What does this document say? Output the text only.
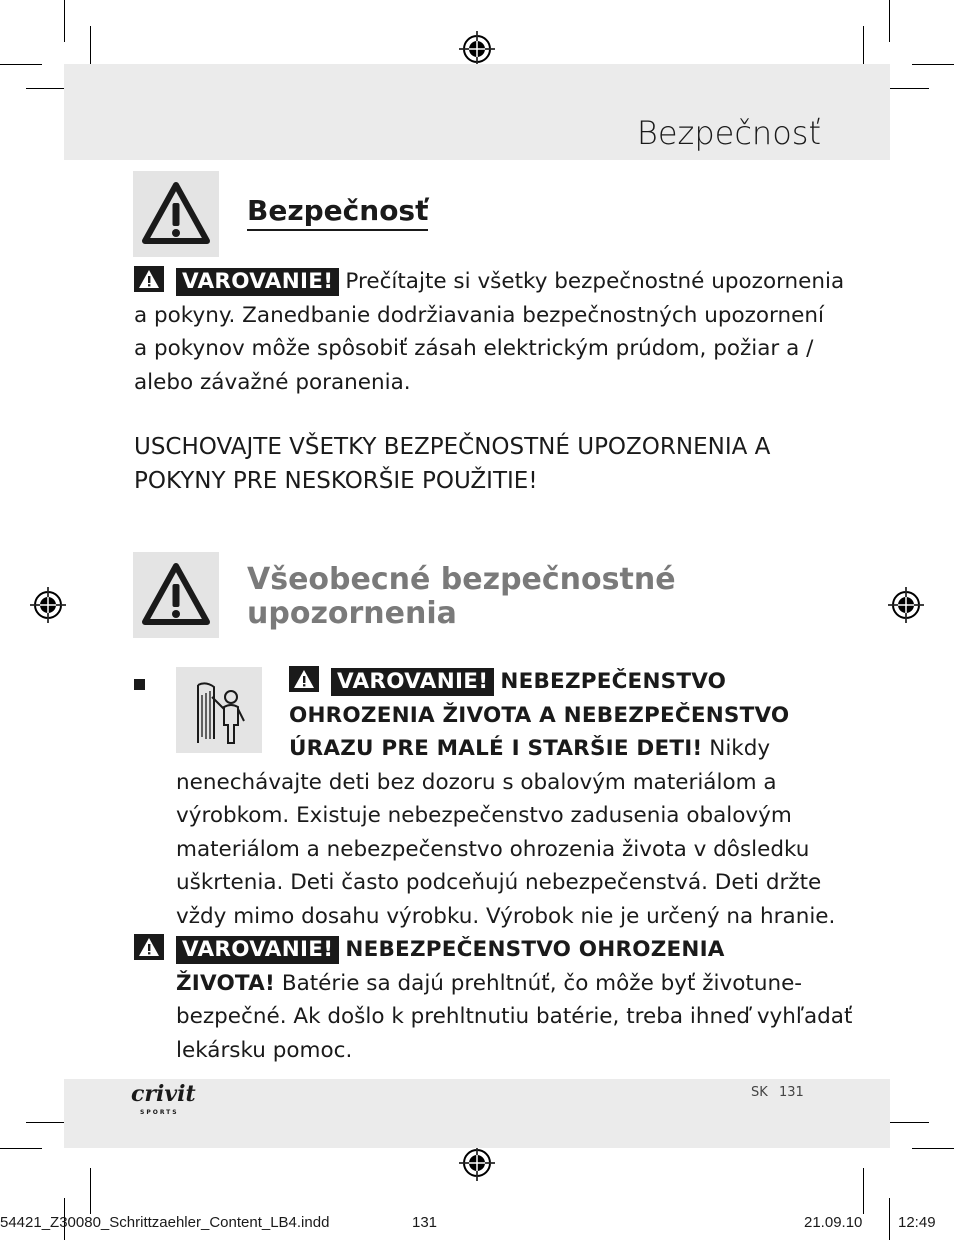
Bezpečnosť
Bezpečnosť
VAROVANIE! Prečítajte si všetky bezpečnostné upozornenia
a pokyny. Zanedbanie dodržiavania bezpečnostných upozornení
a pokynov môže spôsobiť zásah elektrickým prúdom, požiar a /
alebo závažné poranenia.
USCHOVAJTE VŠETKY BEZPEČNOSTNÉ UPOZORNENIA A
POKYNY PRE NESKORŠIE POUŽITIE!
Všeobecné bezpečnostné
upozornenia
VAROVANIE! NEBEZPEČENSTVO
OHROZENIA ŽIVOTA A NEBEZPEČENSTVO
ÚRAZU PRE MALÉ I STARŠIE DETI! Nikdy
nenechávajte deti bez dozoru s obalovým materiálom a
výrobkom. Existuje nebezpečenstvo zadusenia obalovým
materiálom a nebezpečenstvo ohrozenia života v dôsledku
uškrtenia. Deti často podceňujú nebezpečenstvá. Deti držte
vždy mimo dosahu výrobku. Výrobok nie je určený na hranie.
VAROVANIE! NEBEZPEČENSTVO OHROZENIA
ŽIVOTA! Batérie sa dajú prehltnúť, čo môže byť životune-
bezpečné. Ak došlo k prehltnutiu batérie, treba ihneď vyhľadať
lekársku pomoc.
crivit
SPORTS
SK 131
54421_Z30080_Schrittzaehler_Content_LB4.indd	131	21.09.10 12:49
